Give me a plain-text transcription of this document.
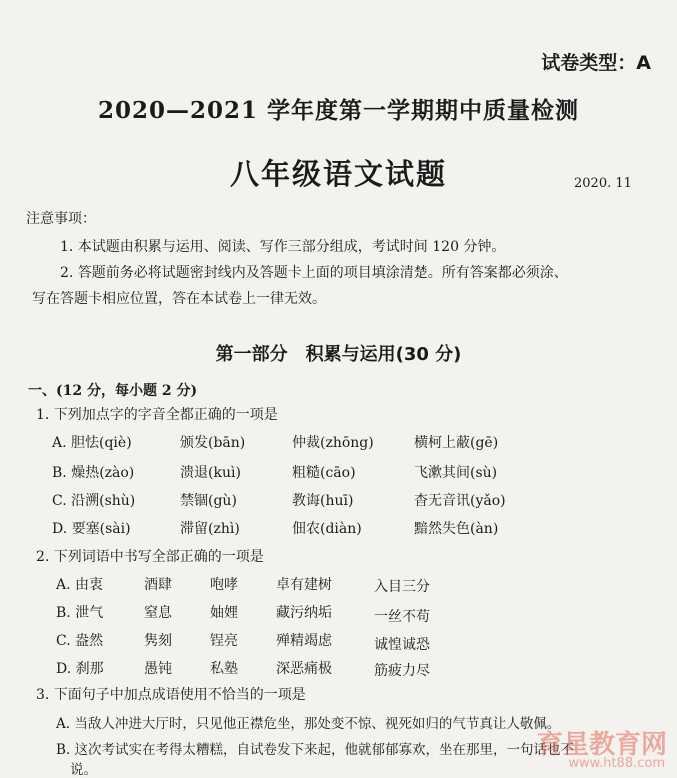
试卷类型：A
2020—2021 学年度第一学期期中质量检测
八年级语文试题	2020. 11
注意事项：
1. 本试题由积累与运用、阅读、写作三部分组成，考试时间 120 分钟。
2. 答题前务必将试题密封线内及答题卡上面的项目填涂清楚。所有答案都必须涂、
写在答题卡相应位置，答在本试卷上一律无效。
第一部分　积累与运用(30 分)
一、(12 分，每小题 2 分)
1. 下列加点字的字音全都正确的一项是
A. 胆怯(qiè)	颁发(bān)	仲裁(zhōng)	横柯上蔽(gē)
B. 燥热(zào)	溃退(kuì)	粗糙(cāo)	飞漱其间(sù)
C. 沿溯(shù)	禁锢(gù)	教诲(huī)	杳无音讯(yǎo)
D. 要塞(sài)	滞留(zhì)	佃农(diàn)	黯然失色(àn)
2. 下列词语中书写全部正确的一项是
A. 由衷	酒肆	咆哮	卓有建树	入目三分
B. 泄气	窒息	妯娌	藏污纳垢	一丝不苟
C. 盎然	隽刻	锃亮	殚精竭虑	诚惶诚恐
D. 刹那	愚钝	私塾	深恶痛极	筋疲力尽
3. 下面句子中加点成语使用不恰当的一项是
A. 当敌人冲进大厅时，只见他正襟危坐，那处变不惊、视死如归的气节真让人敬佩。
B. 这次考试实在考得太糟糕，自试卷发下来起，他就郁郁寡欢，坐在那里，一句话也不
说。
育星教育网
www.ht88.com
